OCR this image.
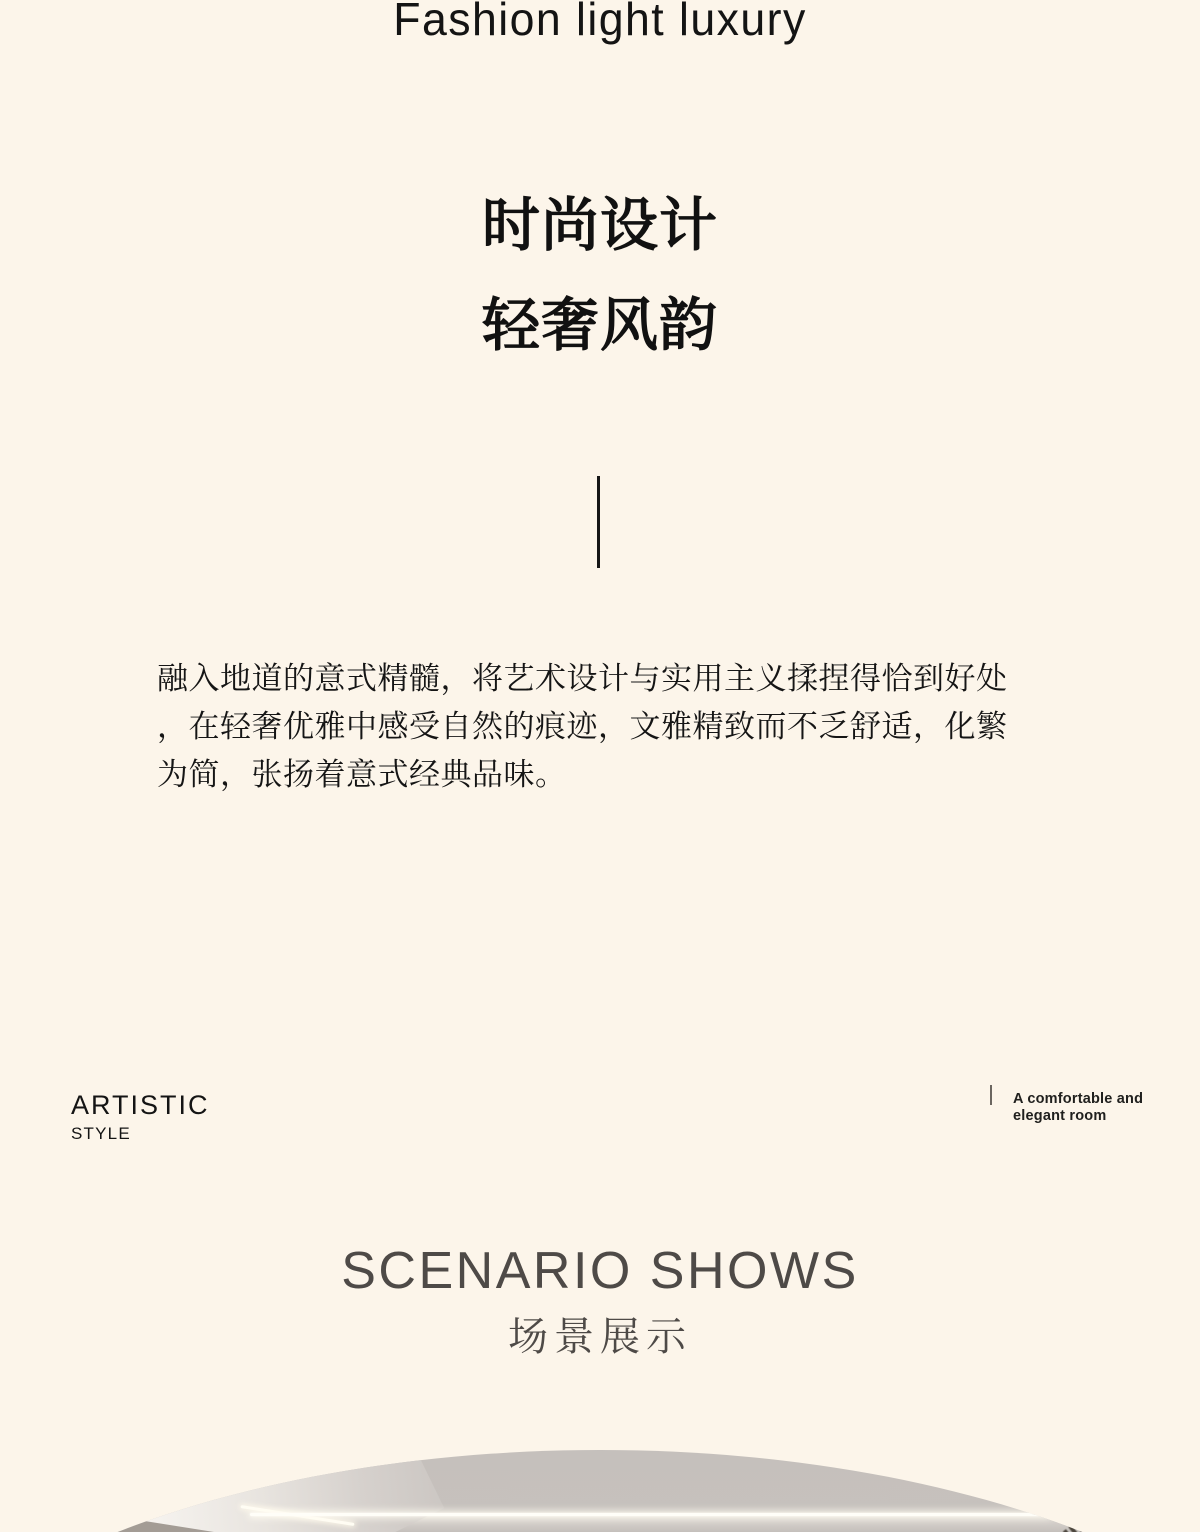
Fashion light luxury
时尚设计
轻奢风韵
融入地道的意式精髓，将艺术设计与实用主义揉捏得恰到好处
，在轻奢优雅中感受自然的痕迹，文雅精致而不乏舒适，化繁
为简，张扬着意式经典品味。
ARTISTIC
STYLE
A comfortable and
elegant room
SCENARIO SHOWS
场景展示
